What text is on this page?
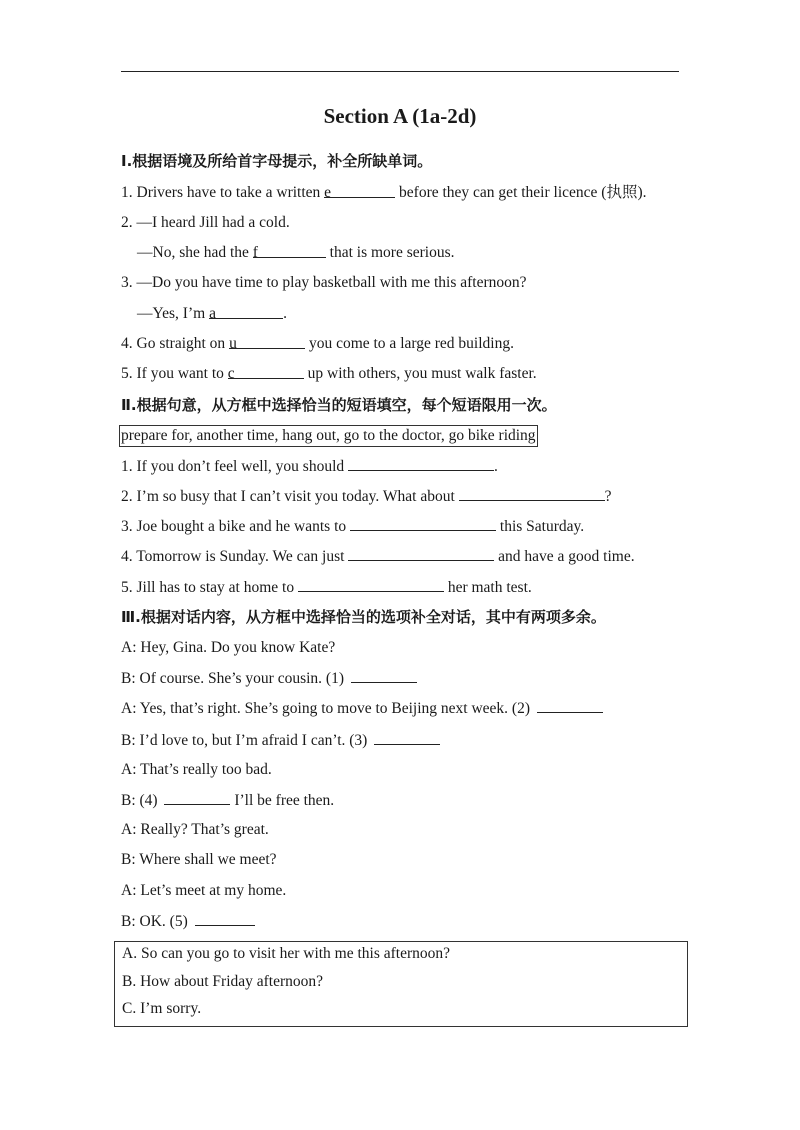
Section A (1a-2d)
Ⅰ.根据语境及所给首字母提示，补全所缺单词。
1. Drivers have to take a written e	before they can get their licence (执照).
2. —I heard Jill had a cold.
—No, she had the f	that is more serious.
3. —Do you have time to play basketball with me this afternoon?
—Yes, I’m a	.
4. Go straight on u	you come to a large red building.
5. If you want to c	up with others, you must walk faster.
Ⅱ.根据句意，从方框中选择恰当的短语填空，每个短语限用一次。
prepare for, another time, hang out, go to the doctor, go bike riding
1. If you don’t feel well, you should	.
2. I’m so busy that I can’t visit you today. What about	?
3. Joe bought a bike and he wants to	this Saturday.
4. Tomorrow is Sunday. We can just	and have a good time.
5. Jill has to stay at home to	her math test.
Ⅲ.根据对话内容，从方框中选择恰当的选项补全对话，其中有两项多余。
A: Hey, Gina. Do you know Kate?
B: Of course. She’s your cousin. (1)
A: Yes, that’s right. She’s going to move to Beijing next week. (2)
B: I’d love to, but I’m afraid I can’t. (3)
A: That’s really too bad.
B: (4)	I’ll be free then.
A: Really? That’s great.
B: Where shall we meet?
A: Let’s meet at my home.
B: OK. (5)
A. So can you go to visit her with me this afternoon?
B. How about Friday afternoon?
C. I’m sorry.
